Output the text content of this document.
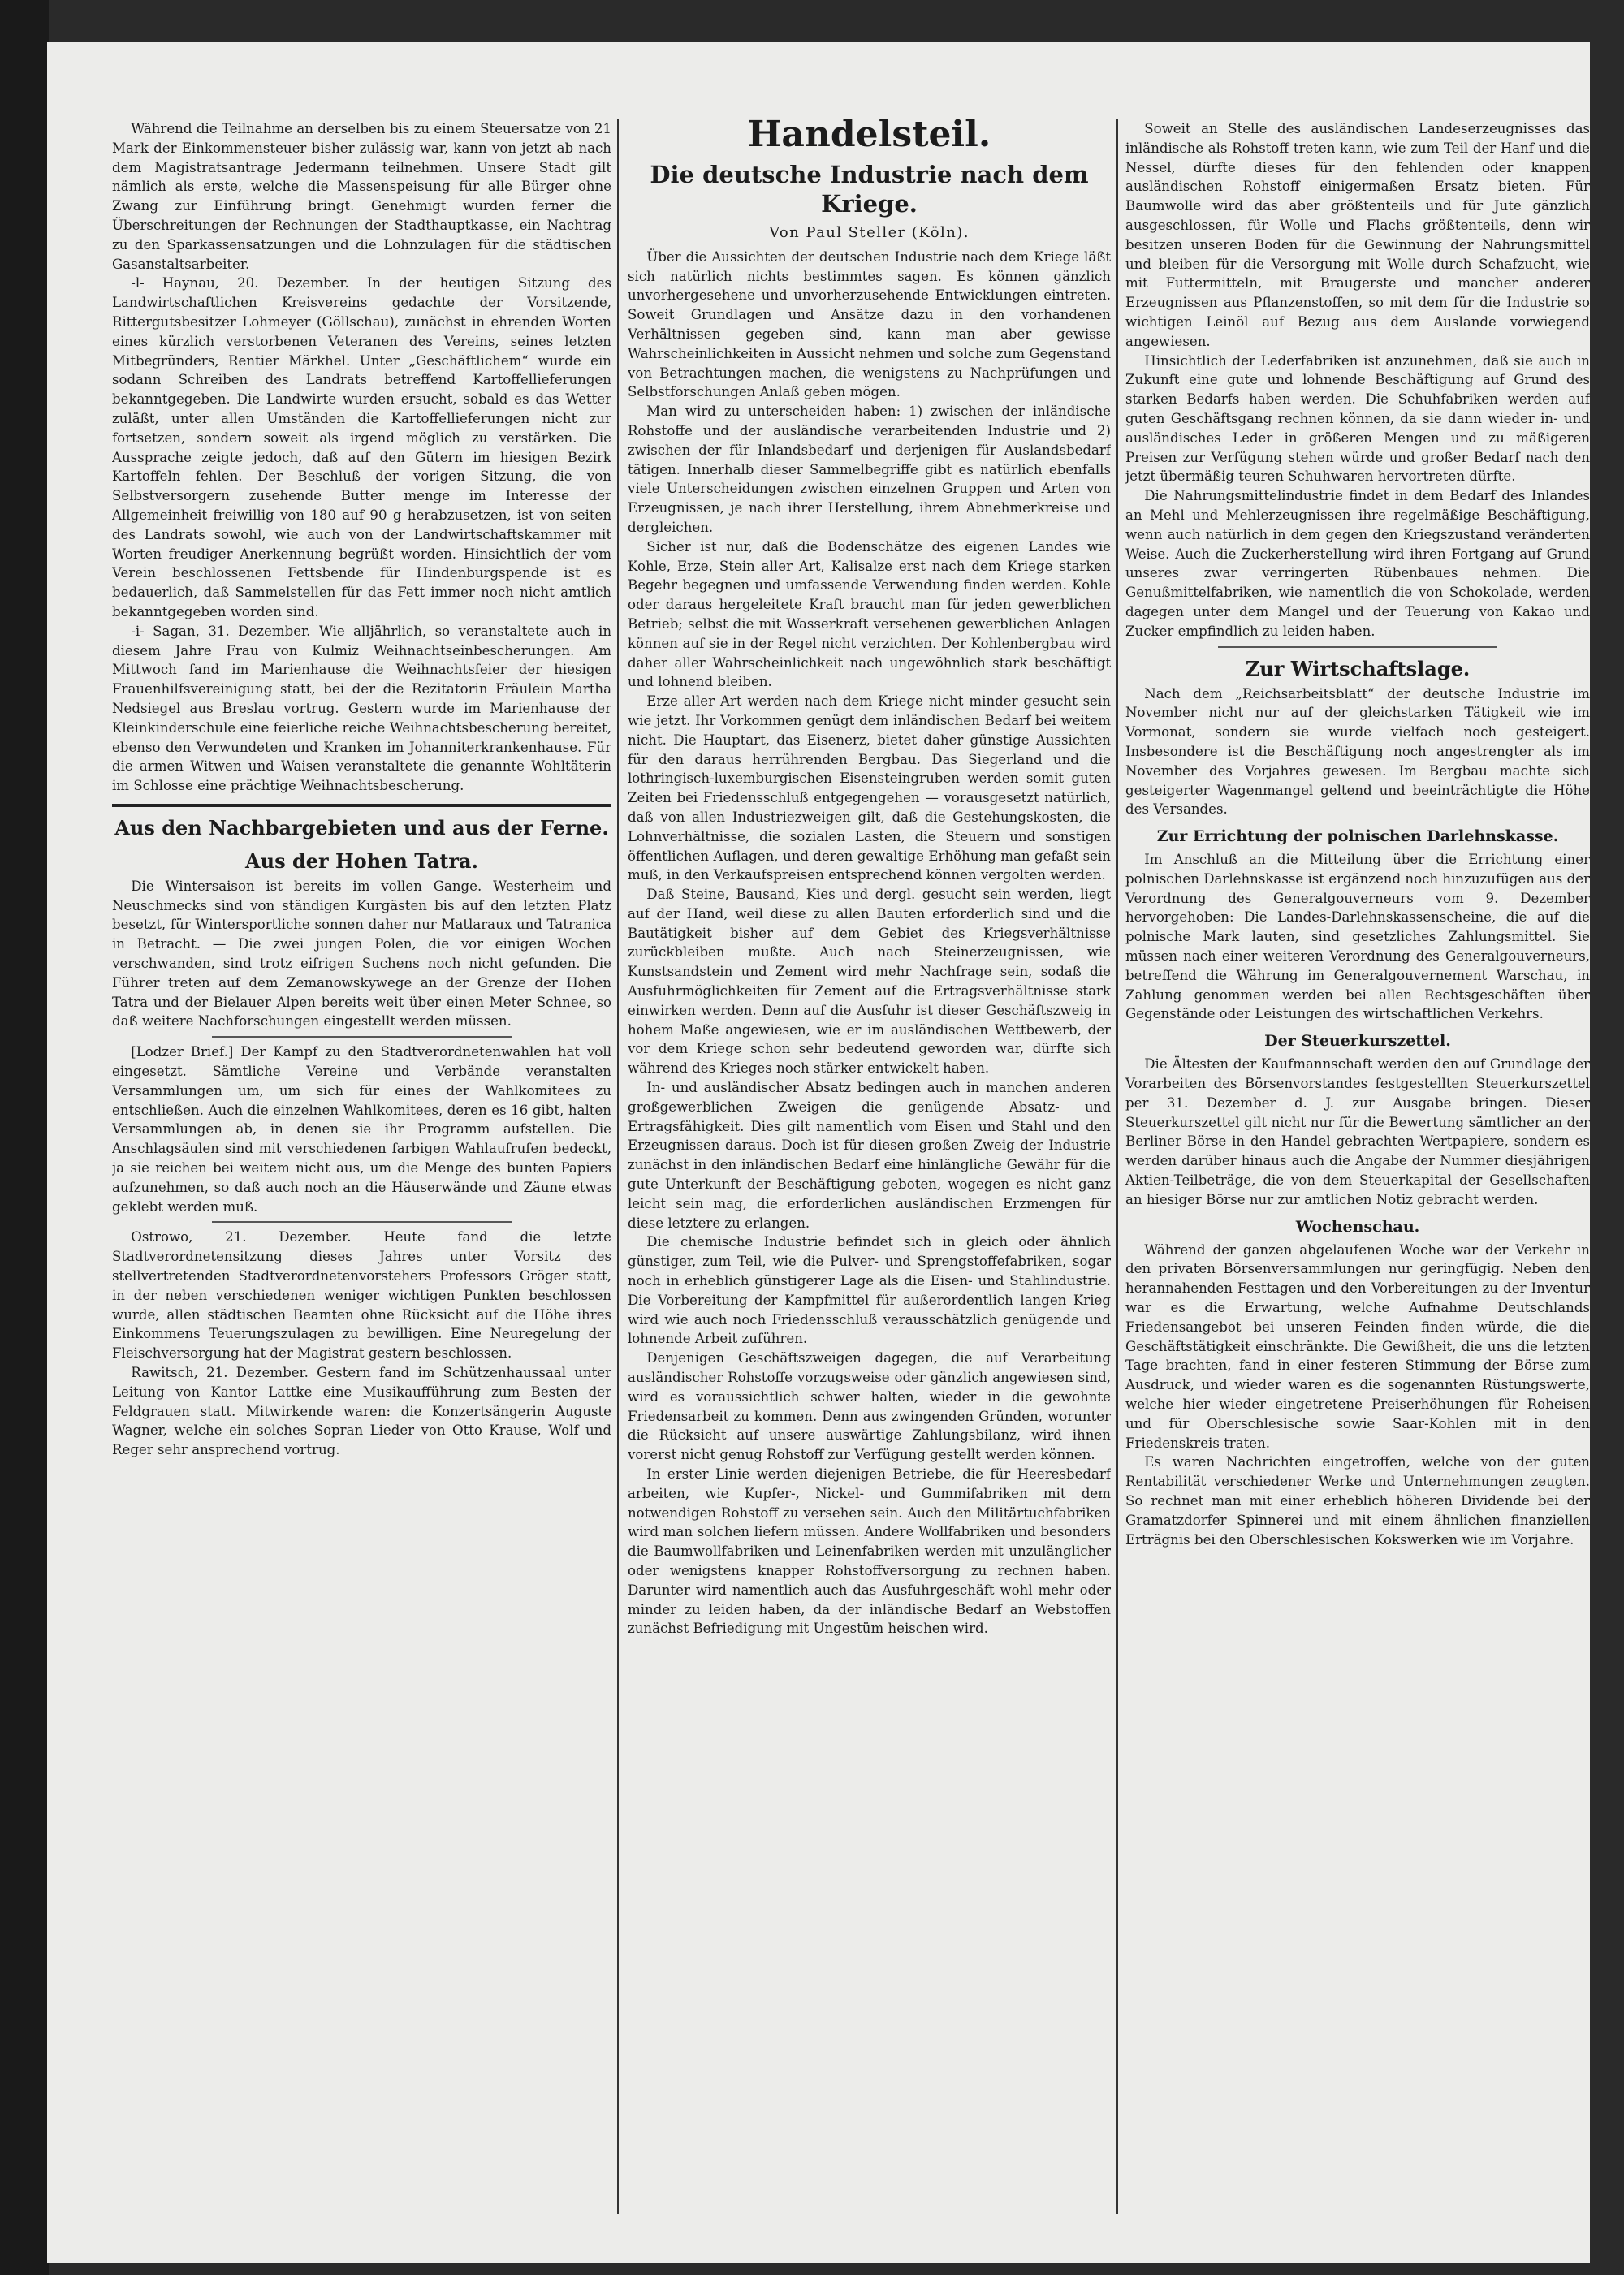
Während die Teilnahme an derselben bis zu einem Steuersatze von 21 Mark der Einkommensteuer bisher zulässig war, kann von jetzt ab nach dem Magistratsantrage Jedermann teilnehmen. Unsere Stadt gilt nämlich als erste, welche die Massenspeisung für alle Bürger ohne Zwang zur Einführung bringt. Genehmigt wurden ferner die Überschreitungen der Rechnungen der Stadthauptkasse, ein Nachtrag zu den Sparkassensatzungen und die Lohnzulagen für die städtischen Gasanstaltsarbeiter.

-l- Haynau, 20. Dezember. In der heutigen Sitzung des Landwirtschaftlichen Kreisvereins gedachte der Vorsitzende, Rittergutsbesitzer Lohmeyer (Göllschau), zunächst in ehrenden Worten eines kürzlich verstorbenen Veteranen des Vereins, seines letzten Mitbegründers, Rentier Märkhel. Unter „Geschäftlichem“ wurde ein sodann Schreiben des Landrats betreffend Kartoffellieferungen bekanntgegeben. Die Landwirte wurden ersucht, sobald es das Wetter zuläßt, unter allen Umständen die Kartoffellieferungen nicht zur fortsetzen, sondern soweit als irgend möglich zu verstärken. Die Aussprache zeigte jedoch, daß auf den Gütern im hiesigen Bezirk Kartoffeln fehlen. Der Beschluß der vorigen Sitzung, die von Selbstversorgern zusehende Butter menge im Interesse der Allgemeinheit freiwillig von 180 auf 90 g herabzusetzen, ist von seiten des Landrats sowohl, wie auch von der Landwirtschaftskammer mit Worten freudiger Anerkennung begrüßt worden. Hinsichtlich der vom Verein beschlossenen Fettsbende für Hindenburgspende ist es bedauerlich, daß Sammelstellen für das Fett immer noch nicht amtlich bekanntgegeben worden sind.

-i- Sagan, 31. Dezember. Wie alljährlich, so veranstaltete auch in diesem Jahre Frau von Kulmiz Weihnachtseinbescherungen. Am Mittwoch fand im Marienhause die Weihnachtsfeier der hiesigen Frauenhilfsvereinigung statt, bei der die Rezitatorin Fräulein Martha Nedsiegel aus Breslau vortrug. Gestern wurde im Marienhause der Kleinkinderschule eine feierliche reiche Weihnachtsbescherung bereitet, ebenso den Verwundeten und Kranken im Johanniterkrankenhause. Für die armen Witwen und Waisen veranstaltete die genannte Wohltäterin im Schlosse eine prächtige Weihnachtsbescherung.

Aus den Nachbargebieten und aus der Ferne.
Aus der Hohen Tatra.

Die Wintersaison ist bereits im vollen Gange. Westerheim und Neuschmecks sind von ständigen Kurgästen bis auf den letzten Platz besetzt, für Wintersportliche sonnen daher nur Matlaraux und Tatranica in Betracht. — Die zwei jungen Polen, die vor einigen Wochen verschwanden, sind trotz eifrigen Suchens noch nicht gefunden. Die Führer treten auf dem Zemanowskywege an der Grenze der Hohen Tatra und der Bielauer Alpen bereits weit über einen Meter Schnee, so daß weitere Nachforschungen eingestellt werden müssen.

[Lodzer Brief.] Der Kampf zu den Stadtverordnetenwahlen hat voll eingesetzt. Sämtliche Vereine und Verbände veranstalten Versammlungen um, um sich für eines der Wahlkomitees zu entschließen. Auch die einzelnen Wahlkomitees, deren es 16 gibt, halten Versammlungen ab, in denen sie ihr Programm aufstellen. Die Anschlagsäulen sind mit verschiedenen farbigen Wahlaufrufen bedeckt, ja sie reichen bei weitem nicht aus, um die Menge des bunten Papiers aufzunehmen, so daß auch noch an die Häuserwände und Zäune etwas geklebt werden muß.

Ostrowo, 21. Dezember. Heute fand die letzte Stadtverordnetensitzung dieses Jahres unter Vorsitz des stellvertretenden Stadtverordnetenvorstehers Professors Gröger statt, in der neben verschiedenen weniger wichtigen Punkten beschlossen wurde, allen städtischen Beamten ohne Rücksicht auf die Höhe ihres Einkommens Teuerungszulagen zu bewilligen. Eine Neuregelung der Fleischversorgung hat der Magistrat gestern beschlossen.

Rawitsch, 21. Dezember. Gestern fand im Schützenhaussaal unter Leitung von Kantor Lattke eine Musikaufführung zum Besten der Feldgrauen statt. Mitwirkende waren: die Konzertsängerin Auguste Wagner, welche ein solches Sopran Lieder von Otto Krause, Wolf und Reger sehr ansprechend vortrug.

Handelsteil.
Die deutsche Industrie nach dem Kriege.
Von Paul Steller (Köln).

Über die Aussichten der deutschen Industrie nach dem Kriege läßt sich natürlich nichts bestimmtes sagen. Es können gänzlich unvorhergesehene und unvorherzusehende Entwicklungen eintreten. Soweit Grundlagen und Ansätze dazu in den vorhandenen Verhältnissen gegeben sind, kann man aber gewisse Wahrscheinlichkeiten in Aussicht nehmen und solche zum Gegenstand von Betrachtungen machen, die wenigstens zu Nachprüfungen und Selbstforschungen Anlaß geben mögen.

Man wird zu unterscheiden haben: 1) zwischen der inländische Rohstoffe und der ausländische verarbeitenden Industrie und 2) zwischen der für Inlandsbedarf und derjenigen für Auslandsbedarf tätigen. Innerhalb dieser Sammelbegriffe gibt es natürlich ebenfalls viele Unterscheidungen zwischen einzelnen Gruppen und Arten von Erzeugnissen, je nach ihrer Herstellung, ihrem Abnehmerkreise und dergleichen.

Sicher ist nur, daß die Bodenschätze des eigenen Landes wie Kohle, Erze, Stein aller Art, Kalisalze erst nach dem Kriege starken Begehr begegnen und umfassende Verwendung finden werden. Kohle oder daraus hergeleitete Kraft braucht man für jeden gewerblichen Betrieb; selbst die mit Wasserkraft versehenen gewerblichen Anlagen können auf sie in der Regel nicht verzichten. Der Kohlenbergbau wird daher aller Wahrscheinlichkeit nach ungewöhnlich stark beschäftigt und lohnend bleiben.

Erze aller Art werden nach dem Kriege nicht minder gesucht sein wie jetzt. Ihr Vorkommen genügt dem inländischen Bedarf bei weitem nicht. Die Hauptart, das Eisenerz, bietet daher günstige Aussichten für den daraus herrührenden Bergbau. Das Siegerland und die lothringisch-luxemburgischen Eisensteingruben werden somit guten Zeiten bei Friedensschluß entgegengehen — vorausgesetzt natürlich, daß von allen Industriezweigen gilt, daß die Gestehungskosten, die Lohnverhältnisse, die sozialen Lasten, die Steuern und sonstigen öffentlichen Auflagen, und deren gewaltige Erhöhung man gefaßt sein muß, in den Verkaufspreisen entsprechend können vergolten werden.

Daß Steine, Bausand, Kies und dergl. gesucht sein werden, liegt auf der Hand, weil diese zu allen Bauten erforderlich sind und die Bautätigkeit bisher auf dem Gebiet des Kriegsverhältnisse zurückbleiben mußte. Auch nach Steinerzeugnissen, wie Kunstsandstein und Zement wird mehr Nachfrage sein, sodaß die Ausfuhrmöglichkeiten für Zement auf die Ertragsverhältnisse stark einwirken werden. Denn auf die Ausfuhr ist dieser Geschäftszweig in hohem Maße angewiesen, wie er im ausländischen Wettbewerb, der vor dem Kriege schon sehr bedeutend geworden war, dürfte sich während des Krieges noch stärker entwickelt haben.

In- und ausländischer Absatz bedingen auch in manchen anderen großgewerblichen Zweigen die genügende Absatz- und Ertragsfähigkeit. Dies gilt namentlich vom Eisen und Stahl und den Erzeugnissen daraus. Doch ist für diesen großen Zweig der Industrie zunächst in den inländischen Bedarf eine hinlängliche Gewähr für die gute Unterkunft der Beschäftigung geboten, wogegen es nicht ganz leicht sein mag, die erforderlichen ausländischen Erzmengen für diese letztere zu erlangen.

Die chemische Industrie befindet sich in gleich oder ähnlich günstiger, zum Teil, wie die Pulver- und Sprengstoffefabriken, sogar noch in erheblich günstigerer Lage als die Eisen- und Stahlindustrie. Die Vorbereitung der Kampfmittel für außerordentlich langen Krieg wird wie auch noch Friedensschluß verausschätzlich genügende und lohnende Arbeit zuführen.

Denjenigen Geschäftszweigen dagegen, die auf Verarbeitung ausländischer Rohstoffe vorzugsweise oder gänzlich angewiesen sind, wird es voraussichtlich schwer halten, wieder in die gewohnte Friedensarbeit zu kommen. Denn aus zwingenden Gründen, worunter die Rücksicht auf unsere auswärtige Zahlungsbilanz, wird ihnen vorerst nicht genug Rohstoff zur Verfügung gestellt werden können.

In erster Linie werden diejenigen Betriebe, die für Heeresbedarf arbeiten, wie Kupfer-, Nickel- und Gummifabriken mit dem notwendigen Rohstoff zu versehen sein. Auch den Militärtuchfabriken wird man solchen liefern müssen. Andere Wollfabriken und besonders die Baumwollfabriken und Leinenfabriken werden mit unzulänglicher oder wenigstens knapper Rohstoffversorgung zu rechnen haben. Darunter wird namentlich auch das Ausfuhrgeschäft wohl mehr oder minder zu leiden haben, da der inländische Bedarf an Webstoffen zunächst Befriedigung mit Ungestüm heischen wird.

Soweit an Stelle des ausländischen Landeserzeugnisses das inländische als Rohstoff treten kann, wie zum Teil der Hanf und die Nessel, dürfte dieses für den fehlenden oder knappen ausländischen Rohstoff einigermaßen Ersatz bieten. Für Baumwolle wird das aber größtenteils und für Jute gänzlich ausgeschlossen, für Wolle und Flachs größtenteils, denn wir besitzen unseren Boden für die Gewinnung der Nahrungsmittel und bleiben für die Versorgung mit Wolle durch Schafzucht, wie mit Futtermitteln, mit Braugerste und mancher anderer Erzeugnissen aus Pflanzenstoffen, so mit dem für die Industrie so wichtigen Leinöl auf Bezug aus dem Auslande vorwiegend angewiesen.

Hinsichtlich der Lederfabriken ist anzunehmen, daß sie auch in Zukunft eine gute und lohnende Beschäftigung auf Grund des starken Bedarfs haben werden. Die Schuhfabriken werden auf guten Geschäftsgang rechnen können, da sie dann wieder in- und ausländisches Leder in größeren Mengen und zu mäßigeren Preisen zur Verfügung stehen würde und großer Bedarf nach den jetzt übermäßig teuren Schuhwaren hervortreten dürfte.

Die Nahrungsmittelindustrie findet in dem Bedarf des Inlandes an Mehl und Mehlerzeugnissen ihre regelmäßige Beschäftigung, wenn auch natürlich in dem gegen den Kriegszustand veränderten Weise. Auch die Zuckerherstellung wird ihren Fortgang auf Grund unseres zwar verringerten Rübenbaues nehmen. Die Genußmittelfabriken, wie namentlich die von Schokolade, werden dagegen unter dem Mangel und der Teuerung von Kakao und Zucker empfindlich zu leiden haben.

Zur Wirtschaftslage.

Nach dem „Reichsarbeitsblatt“ der deutsche Industrie im November nicht nur auf der gleichstarken Tätigkeit wie im Vormonat, sondern sie wurde vielfach noch gesteigert. Insbesondere ist die Beschäftigung noch angestrengter als im November des Vorjahres gewesen. Im Bergbau machte sich gesteigerter Wagenmangel geltend und beeinträchtigte die Höhe des Versandes.

Zur Errichtung der polnischen Darlehnskasse.

Im Anschluß an die Mitteilung über die Errichtung einer polnischen Darlehnskasse ist ergänzend noch hinzuzufügen aus der Verordnung des Generalgouverneurs vom 9. Dezember hervorgehoben: Die Landes-Darlehnskassenscheine, die auf die polnische Mark lauten, sind gesetzliches Zahlungsmittel. Sie müssen nach einer weiteren Verordnung des Generalgouverneurs, betreffend die Währung im Generalgouvernement Warschau, in Zahlung genommen werden bei allen Rechtsgeschäften über Gegenstände oder Leistungen des wirtschaftlichen Verkehrs.

Der Steuerkurszettel.

Die Ältesten der Kaufmannschaft werden den auf Grundlage der Vorarbeiten des Börsenvorstandes festgestellten Steuerkurszettel per 31. Dezember d. J. zur Ausgabe bringen. Dieser Steuerkurszettel gilt nicht nur für die Bewertung sämtlicher an der Berliner Börse in den Handel gebrachten Wertpapiere, sondern es werden darüber hinaus auch die Angabe der Nummer diesjährigen Aktien-Teilbeträge, die von dem Steuerkapital der Gesellschaften an hiesiger Börse nur zur amtlichen Notiz gebracht werden.

Wochenschau.

Während der ganzen abgelaufenen Woche war der Verkehr in den privaten Börsenversammlungen nur geringfügig. Neben den herannahenden Festtagen und den Vorbereitungen zu der Inventur war es die Erwartung, welche Aufnahme Deutschlands Friedensangebot bei unseren Feinden finden würde, die die Geschäftstätigkeit einschränkte. Die Gewißheit, die uns die letzten Tage brachten, fand in einer festeren Stimmung der Börse zum Ausdruck, und wieder waren es die sogenannten Rüstungswerte, welche hier wieder eingetretene Preiserhöhungen für Roheisen und für Oberschlesische sowie Saar-Kohlen mit in den Friedenskreis traten.

Es waren Nachrichten eingetroffen, welche von der guten Rentabilität verschiedener Werke und Unternehmungen zeugten. So rechnet man mit einer erheblich höheren Dividende bei der Gramatzdorfer Spinnerei und mit einem ähnlichen finanziellen Erträgnis bei den Oberschlesischen Kokswerken wie im Vorjahre.
